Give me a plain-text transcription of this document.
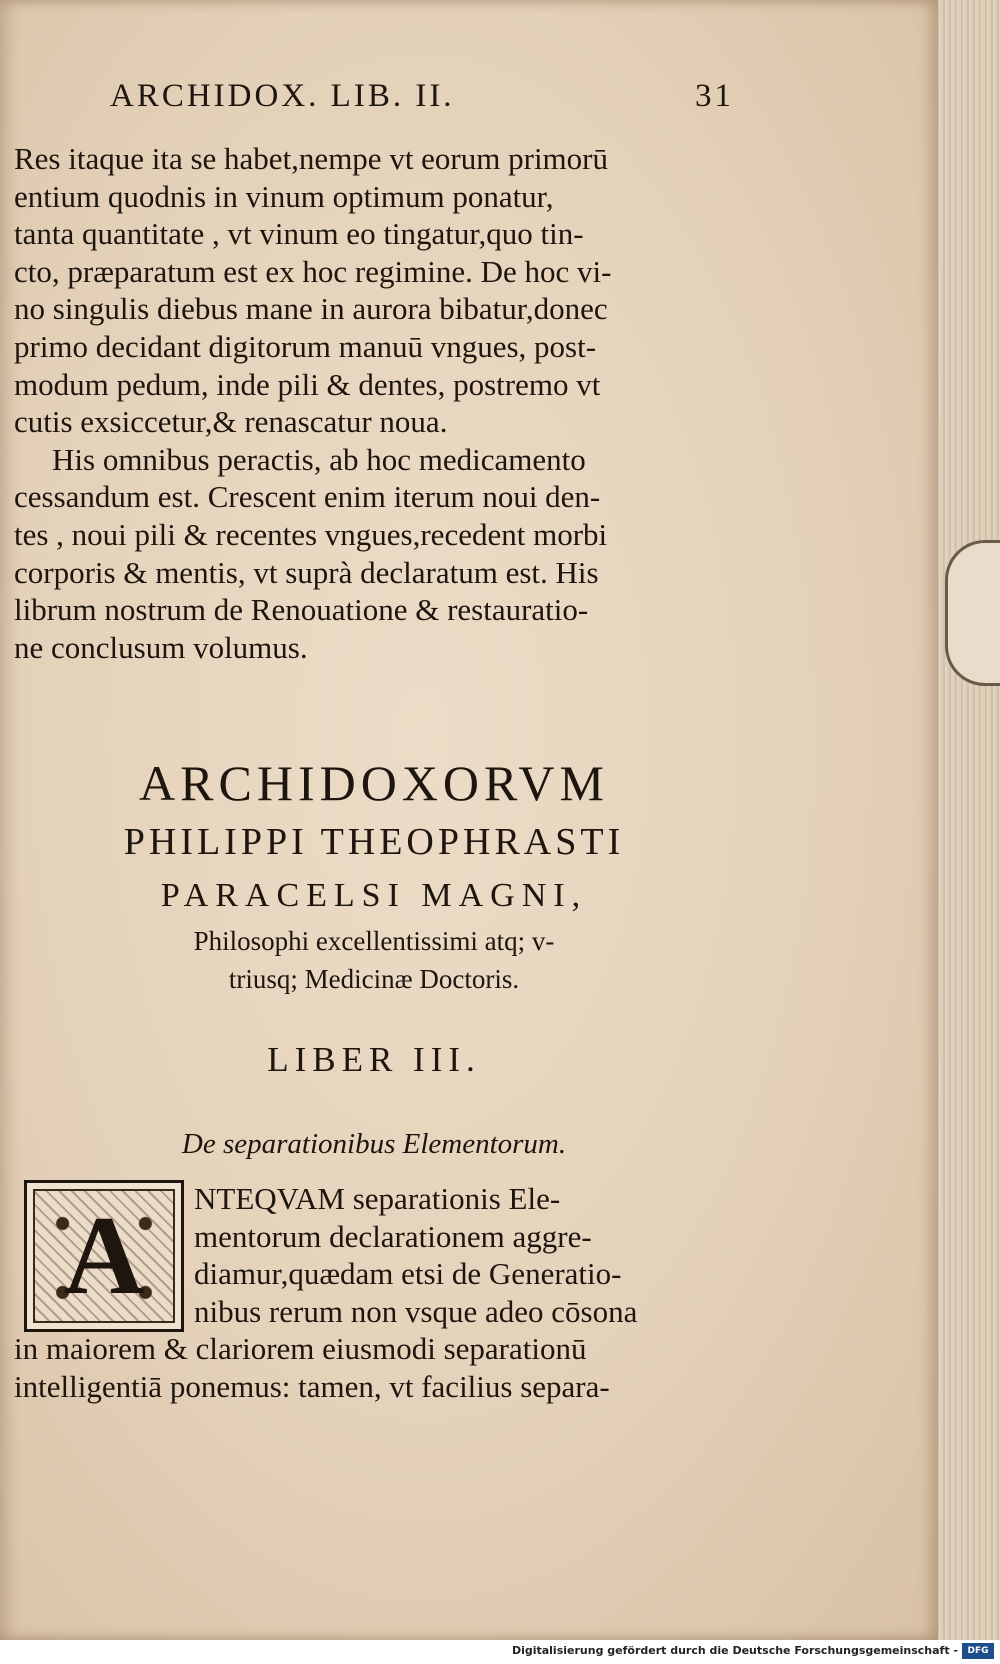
ARCHIDOX. LIB. II.	31

Res itaque ita se habet,nempe vt eorum primorū

entium quodnis in vinum optimum ponatur,

tanta quantitate , vt vinum eo tingatur,quo tin-

cto, præparatum est ex hoc regimine. De hoc vi-

no singulis diebus mane in aurora bibatur,donec

primo decidant digitorum manuū vngues, post-

modum pedum, inde pili & dentes, postremo vt

cutis exsiccetur,& renascatur noua.

His omnibus peractis, ab hoc medicamento

cessandum est. Crescent enim iterum noui den-

tes , noui pili & recentes vngues,recedent morbi

corporis & mentis, vt suprà declaratum est. His

librum nostrum de Renouatione & restauratio-

ne conclusum volumus.

ARCHIDOXORVM
PHILIPPI THEOPHRASTI
PARACELSI MAGNI,
Philosophi excellentissimi atq; v-
triusq; Medicinæ Doctoris.
LIBER III.
De separationibus Elementorum.
A	NTEQVAM separationis Ele-

mentorum declarationem aggre-

diamur,quædam etsi de Generatio-

nibus rerum non vsque adeo cōsona

in maiorem & clariorem eiusmodi separationū

intelligentiā ponemus: tamen, vt facilius separa-

Digitalisierung gefördert durch die Deutsche Forschungsgemeinschaft -	DFG
